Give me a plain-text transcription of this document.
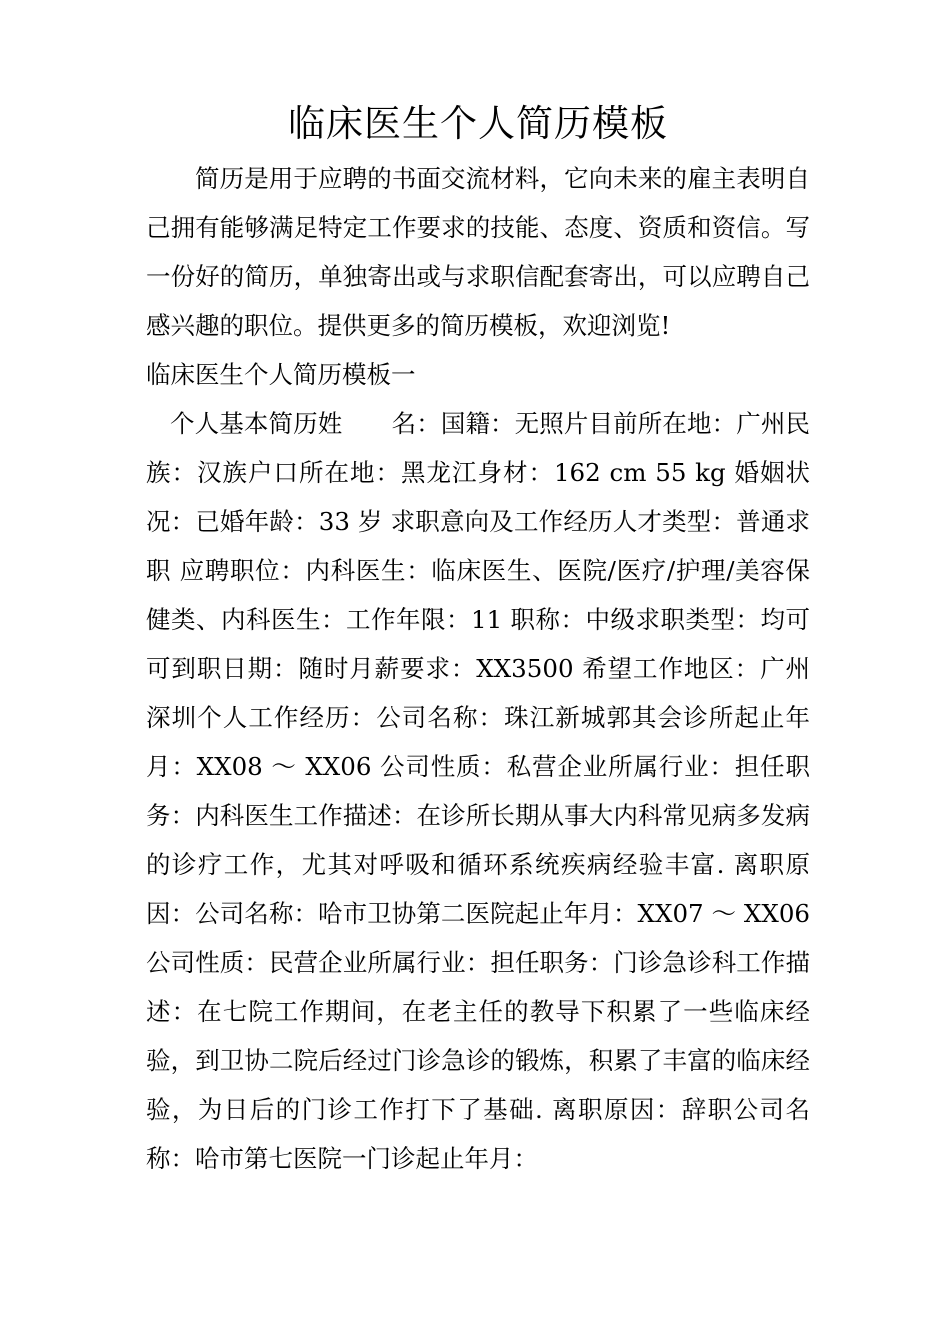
临床医生个人简历模板

简历是用于应聘的书面交流材料，它向未来的雇主表明自己拥有能够满足特定工作要求的技能、态度、资质和资信。写一份好的简历，单独寄出或与求职信配套寄出，可以应聘自己感兴趣的职位。提供更多的简历模板，欢迎浏览!

临床医生个人简历模板一

个人基本简历姓　　名：国籍：无照片目前所在地：广州民族：汉族户口所在地：黑龙江身材：162 cm 55 kg 婚姻状况：已婚年龄：33 岁 求职意向及工作经历人才类型：普通求职 应聘职位：内科医生：临床医生、医院/医疗/护理/美容保健类、内科医生：工作年限：11 职称：中级求职类型：均可可到职日期：随时月薪要求：XX3500 希望工作地区：广州 深圳个人工作经历：公司名称：珠江新城郭其会诊所起止年月：XX08 ～ XX06 公司性质：私营企业所属行业：担任职务：内科医生工作描述：在诊所长期从事大内科常见病多发病的诊疗工作，尤其对呼吸和循环系统疾病经验丰富. 离职原因：公司名称：哈市卫协第二医院起止年月：XX07 ～ XX06 公司性质：民营企业所属行业：担任职务：门诊急诊科工作描述：在七院工作期间，在老主任的教导下积累了一些临床经验，到卫协二院后经过门诊急诊的锻炼，积累了丰富的临床经验，为日后的门诊工作打下了基础. 离职原因：辞职公司名称：哈市第七医院一门诊起止年月：
